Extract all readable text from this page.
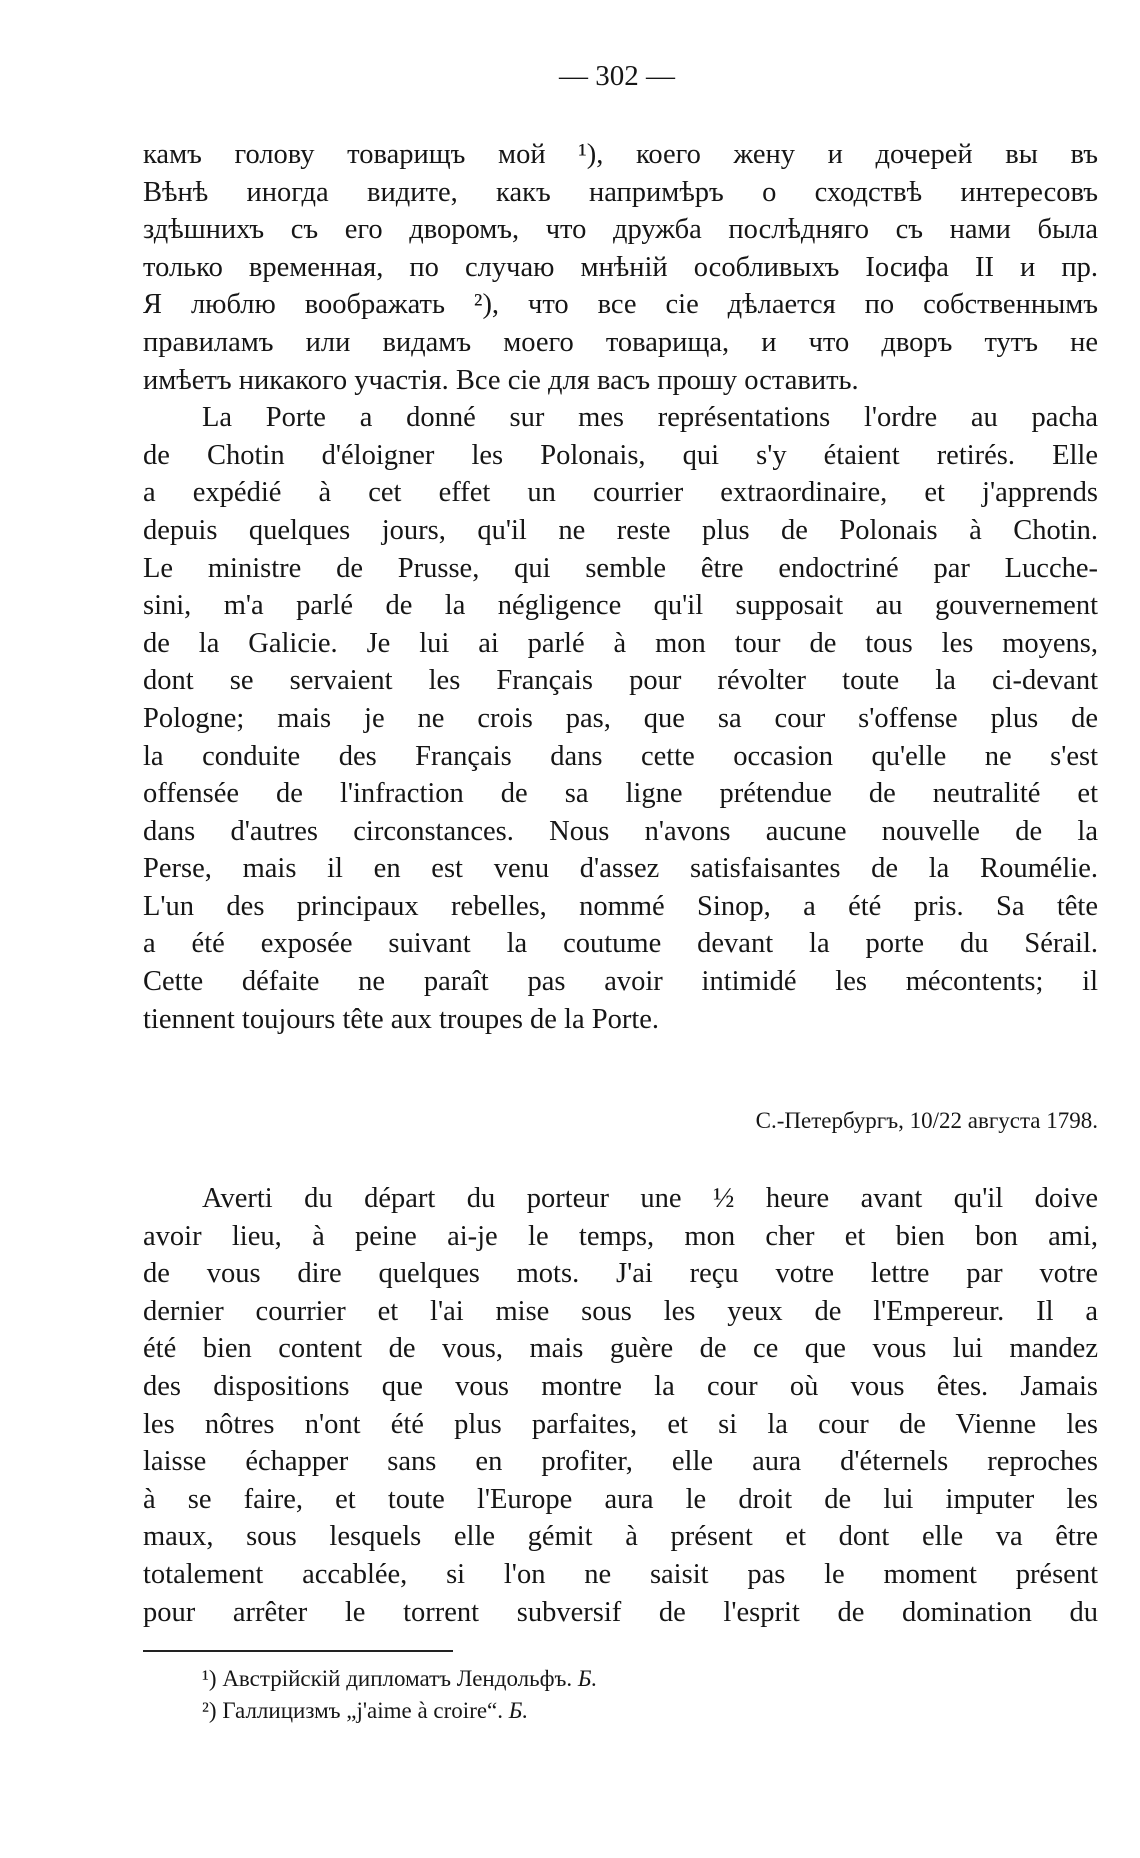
— 302 —
камъ голову товарищъ мой ¹), коего жену и дочерей вы въ
Вѣнѣ иногда видите, какъ напримѣръ о сходствѣ интересовъ
здѣшнихъ съ его дворомъ, что дружба послѣдняго съ нами была
только временная, по случаю мнѣній особливыхъ Іосифа II и пр.
Я люблю воображать ²), что все сіе дѣлается по собственнымъ
правиламъ или видамъ моего товарища, и что дворъ тутъ не
имѣетъ никакого участія. Все сіе для васъ прошу оставить.
La Porte a donné sur mes représentations l'ordre au pacha
de Chotin d'éloigner les Polonais, qui s'y étaient retirés. Elle
a expédié à cet effet un courrier extraordinaire, et j'apprends
depuis quelques jours, qu'il ne reste plus de Polonais à Chotin.
Le ministre de Prusse, qui semble être endoctriné par Lucche-
sini, m'a parlé de la négligence qu'il supposait au gouvernement
de la Galicie. Je lui ai parlé à mon tour de tous les moyens,
dont se servaient les Français pour révolter toute la ci-devant
Pologne; mais je ne crois pas, que sa cour s'offense plus de
la conduite des Français dans cette occasion qu'elle ne s'est
offensée de l'infraction de sa ligne prétendue de neutralité et
dans d'autres circonstances. Nous n'avons aucune nouvelle de la
Perse, mais il en est venu d'assez satisfaisantes de la Roumélie.
L'un des principaux rebelles, nommé Sinop, a été pris. Sa tête
a été exposée suivant la coutume devant la porte du Sérail.
Cette défaite ne paraît pas avoir intimidé les mécontents; il
tiennent toujours tête aux troupes de la Porte.
С.-Петербургъ, 10/22 августа 1798.
Averti du départ du porteur une ½ heure avant qu'il doive
avoir lieu, à peine ai-je le temps, mon cher et bien bon ami,
de vous dire quelques mots. J'ai reçu votre lettre par votre
dernier courrier et l'ai mise sous les yeux de l'Empereur. Il a
été bien content de vous, mais guère de ce que vous lui mandez
des dispositions que vous montre la cour où vous êtes. Jamais
les nôtres n'ont été plus parfaites, et si la cour de Vienne les
laisse échapper sans en profiter, elle aura d'éternels reproches
à se faire, et toute l'Europe aura le droit de lui imputer les
maux, sous lesquels elle gémit à présent et dont elle va être
totalement accablée, si l'on ne saisit pas le moment présent
pour arrêter le torrent subversif de l'esprit de domination du
¹) Австрійскій дипломатъ Лендольфъ. Б.
²) Галлицизмъ „j'aime à croire“. Б.
